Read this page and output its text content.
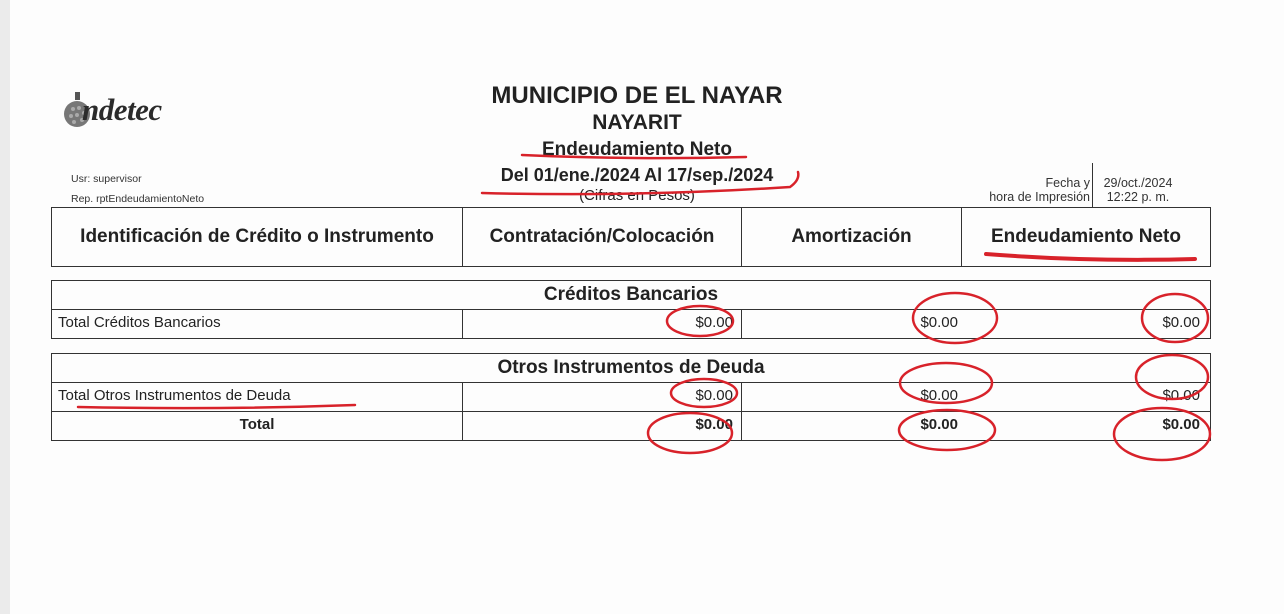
ndetec	MUNICIPIO DE EL NAYAR
NAYARIT
Endeudamiento Neto
Del 01/ene./2024 Al 17/sep./2024
(Cifras en Pesos)
Usr: supervisor
Rep. rptEndeudamientoNeto
Fecha y
hora de Impresión
29/oct./2024
12:22 p. m.
Identificación de Crédito o Instrumento	Contratación/Colocación	Amortización	Endeudamiento Neto
Créditos Bancarios
Total Créditos Bancarios	$0.00	$0.00	$0.00
Otros Instrumentos de Deuda
Total Otros Instrumentos de Deuda	$0.00	$0.00	$0.00
Total	$0.00	$0.00	$0.00
